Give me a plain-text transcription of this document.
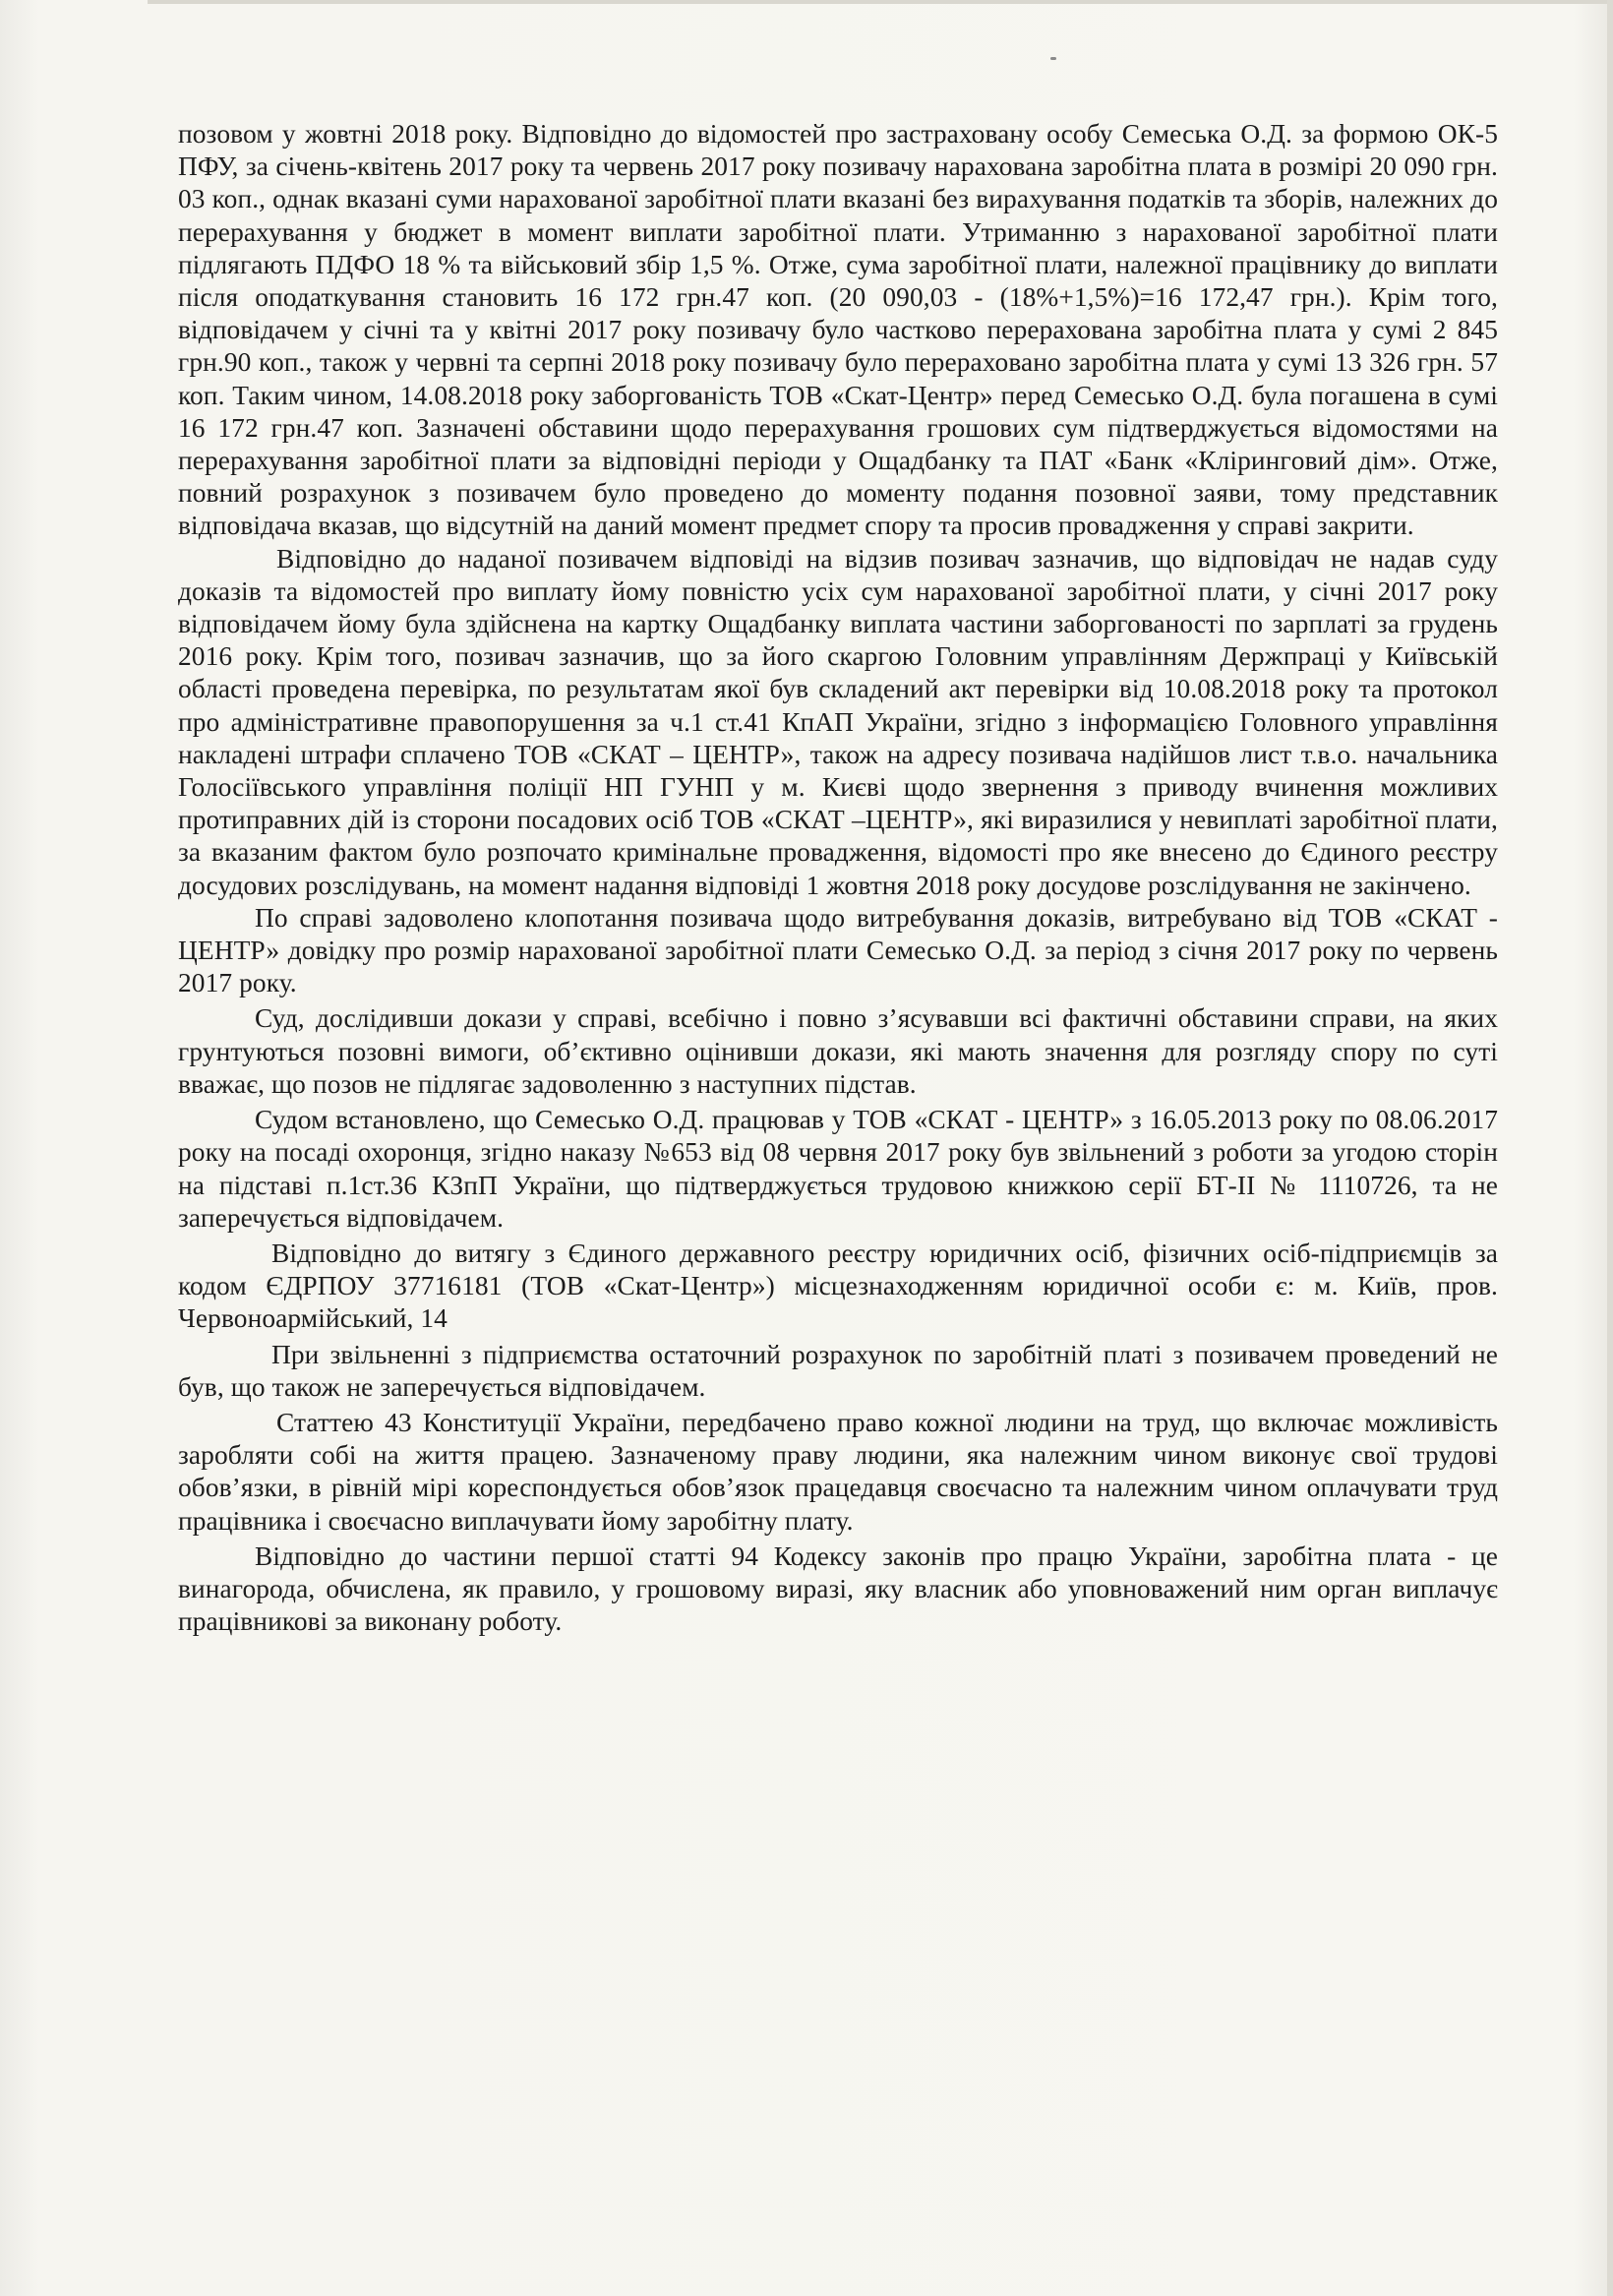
позовом у жовтні 2018 року. Відповідно до відомостей про застраховану особу Семеська О.Д. за формою ОК-5 ПФУ, за січень-квітень 2017 року та червень 2017 року позивачу нарахована заробітна плата в розмірі 20 090 грн. 03 коп., однак вказані суми нарахованої заробітної плати вказані без вирахування податків та зборів, належних до перерахування у бюджет в момент виплати заробітної плати. Утриманню з нарахованої заробітної плати підлягають ПДФО 18 % та військовий збір 1,5 %. Отже, сума заробітної плати, належної працівнику до виплати після оподаткування становить 16 172 грн.47 коп. (20 090,03 - (18%+1,5%)=16 172,47 грн.). Крім того, відповідачем у січні та у квітні 2017 року позивачу було частково перерахована заробітна плата у сумі 2 845 грн.90 коп., також у червні та серпні 2018 року позивачу було перераховано заробітна плата у сумі 13 326 грн. 57 коп. Таким чином, 14.08.2018 року заборгованість ТОВ «Скат-Центр» перед Семесько О.Д. була погашена в сумі 16 172 грн.47 коп. Зазначені обставини щодо перерахування грошових сум підтверджується відомостями на перерахування заробітної плати за відповідні періоди у Ощадбанку та ПАТ «Банк «Клірингoвий дім». Отже, повний розрахунок з позивачем було проведено до моменту подання позовної заяви, тому представник відповідача вказав, що відсутній на даний момент предмет спору та просив провадження у справі закрити.

Відповідно до наданої позивачем відповіді на відзив позивач зазначив, що відповідач не надав суду доказів та відомостей про виплату йому повністю усіх сум нарахованої заробітної плати, у січні 2017 року відповідачем йому була здійснена на картку Ощадбанку виплата частини заборгованості по зарплаті за грудень 2016 року. Крім того, позивач зазначив, що за його скаргою Головним управлінням Держпраці у Київській області проведена перевірка, по результатам якої був складений акт перевірки від 10.08.2018 року та протокол про адміністративне правопорушення за ч.1 ст.41 КпАП України, згідно з інформацією Головного управління накладені штрафи сплачено ТОВ «СКАТ – ЦЕНТР», також на адресу позивача надійшов лист т.в.о. начальника Голосіївського управління поліції НП ГУНП у м. Києві щодо звернення з приводу вчинення можливих протиправних дій із сторони посадових осіб ТОВ «СКАТ –ЦЕНТР», які виразилися у невиплаті заробітної плати, за вказаним фактом було розпочато кримінальне провадження, відомості про яке внесено до Єдиного реєстру досудових розслідувань, на момент надання відповіді 1 жовтня 2018 року досудове розслідування не закінчено.

По справі задоволено клопотання позивача щодо витребування доказів, витребувано від ТОВ «СКАТ - ЦЕНТР» довідку про розмір нарахованої заробітної плати Семесько О.Д. за період з січня 2017 року по червень 2017 року.

Суд, дослідивши докази у справі, всебічно і повно з’ясувавши всі фактичні обставини справи, на яких грунтуються позовні вимоги, об’єктивно оцінивши докази, які мають значення для розгляду спору по суті вважає, що позов не підлягає задоволенню з наступних підстав.

Судом встановлено, що Семесько О.Д. працював у ТОВ «СКАТ - ЦЕНТР» з 16.05.2013 року по 08.06.2017 року на посаді охоронця, згідно наказу №653 від 08 червня 2017 року був звільнений з роботи за угодою сторін на підставі п.1ст.36 КЗпП України, що підтверджується трудовою книжкою серії БТ-ІІ № 1110726, та не заперечується відповідачем.

Відповідно до витягу з Єдиного державного реєстру юридичних осіб, фізичних осіб-підприємців за кодом ЄДРПОУ 37716181 (ТОВ «Скат-Центр») місцезнаходженням юридичної особи є: м. Київ, пров. Червоноармійський, 14

При звільненні з підприємства остаточний розрахунок по заробітній платі з позивачем проведений не був, що також не заперечується відповідачем.

Статтею 43 Конституції України, передбачено право кожної людини на труд, що включає можливість заробляти собі на життя працею. Зазначеному праву людини, яка належним чином виконує свої трудові обов’язки, в рівній мірі кореспондується обов’язок працедавця своєчасно та належним чином оплачувати труд працівника і своєчасно виплачувати йому заробітну плату.

Відповідно до частини першої статті 94 Кодексу законів про працю України, заробітна плата - це винагорода, обчислена, як правило, у грошовому виразі, яку власник або уповноважений ним орган виплачує працівникові за виконану роботу.
